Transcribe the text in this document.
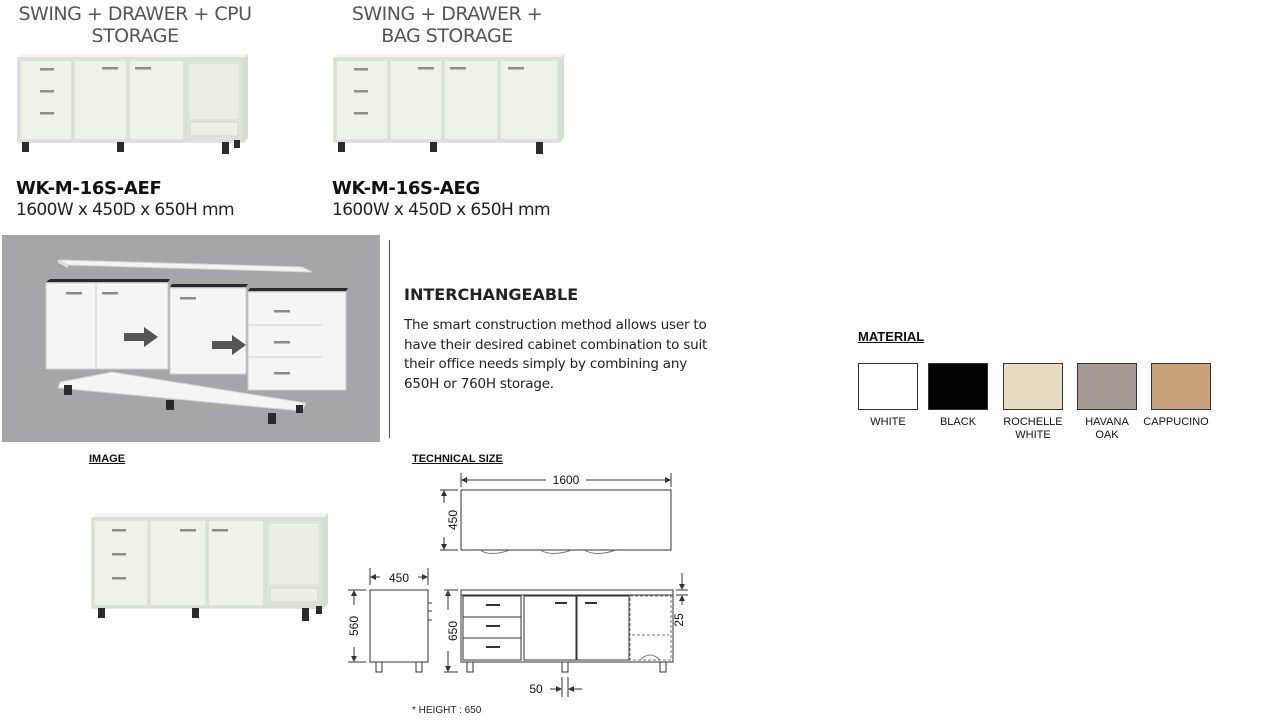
SWING + DRAWER + CPU
STORAGE
WK-M-16S-AEF
1600W x 450D x 650H mm
SWING + DRAWER +
BAG STORAGE
WK-M-16S-AEG
1600W x 450D x 650H mm
INTERCHANGEABLE
The smart construction method allows user to
have their desired cabinet combination to suit
their office needs simply by combining any
650H or 760H storage.
MATERIAL
WHITE	BLACK	ROCHELLE
WHITE
HAVANA
OAK
CAPPUCINO
IMAGE	TECHNICAL SIZE
1600
450
450
560	650
25
50
* HEIGHT : 650
